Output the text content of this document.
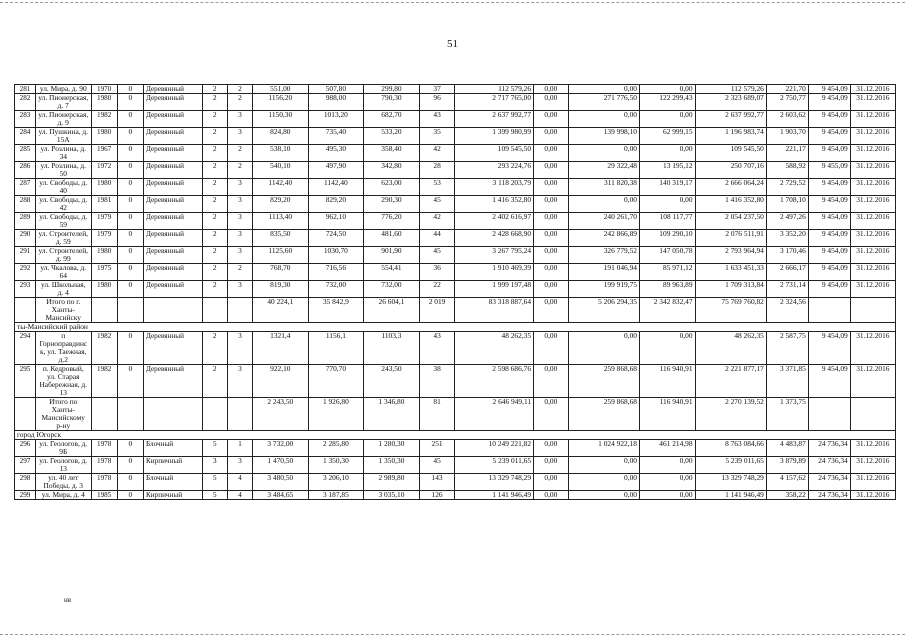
51
281	ул. Мира, д. 90	1970	0	Деревянный	2	2	551,00	507,80	299,80	37	112 579,26	0,00	0,00	0,00	112 579,26	221,70	9 454,09	31.12.2016
282	ул. Пионерская, д. 7	1980	0	Деревянный	2	2	1156,20	988,00	790,30	96	2 717 765,00	0,00	271 776,50	122 299,43	2 323 689,07	2 750,77	9 454,09	31.12.2016
283	ул. Пионерская, д. 9	1982	0	Деревянный	2	3	1150,30	1013,20	682,70	43	2 637 992,77	0,00	0,00	0,00	2 637 992,77	2 603,62	9 454,09	31.12.2016
284	ул. Пушкина, д. 15А	1980	0	Деревянный	2	3	824,80	735,40	533,20	35	1 399 980,99	0,00	139 998,10	62 999,15	1 196 983,74	1 903,70	9 454,09	31.12.2016
285	ул. Розлина, д. 34	1967	0	Деревянный	2	2	538,10	495,30	358,40	42	109 545,50	0,00	0,00	0,00	109 545,50	221,17	9 454,09	31.12.2016
286	ул. Розлина, д. 50	1972	0	Деревянный	2	2	540,10	497,90	342,80	28	293 224,76	0,00	29 322,48	13 195,12	250 707,16	588,92	9 455,09	31.12.2016
287	ул. Свободы, д. 40	1980	0	Деревянный	2	3	1142,40	1142,40	623,00	53	3 118 203,79	0,00	311 820,38	140 319,17	2 666 064,24	2 729,52	9 454,09	31.12.2016
288	ул. Свободы, д. 42	1981	0	Деревянный	2	3	829,20	829,20	290,30	45	1 416 352,80	0,00	0,00	0,00	1 416 352,80	1 708,10	9 454,09	31.12.2016
289	ул. Свободы, д. 59	1979	0	Деревянный	2	3	1113,40	962,10	776,20	42	2 402 616,97	0,00	240 261,70	108 117,77	2 054 237,50	2 497,26	9 454,09	31.12.2016
290	ул. Строителей, д. 59	1979	0	Деревянный	2	3	835,50	724,50	481,60	44	2 428 668,90	0,00	242 866,89	109 290,10	2 076 511,91	3 352,20	9 454,09	31.12.2016
291	ул. Строителей, д. 99	1980	0	Деревянный	2	3	1125,60	1030,70	901,90	45	3 267 795,24	0,00	326 779,52	147 050,78	2 793 964,94	3 170,46	9 454,09	31.12.2016
292	ул. Чкалова, д. 64	1975	0	Деревянный	2	2	768,70	716,56	554,41	36	1 910 469,39	0,00	191 046,94	85 971,12	1 633 451,33	2 666,17	9 454,09	31.12.2016
293	ул. Школьная, д. 4	1980	0	Деревянный	2	3	819,30	732,00	732,00	22	1 999 197,48	0,00	199 919,75	89 963,89	1 709 313,84	2 731,14	9 454,09	31.12.2016
	Итого по г. Ханты-Мансийску						40 224,1	35 842,9	26 604,1	2 019	83 318 887,64	0,00	5 206 294,35	2 342 832,47	75 769 760,82	2 324,56		
ты-Мансийский район																		
294	п Горноправдинс к, ул. Таежная, д.2	1982	0	Деревянный	2	3	1321,4	1156,1	1103,3	43	48 262,35	0,00	0,00	0,00	48 262,35	2 587,75	9 454,09	31.12.2016
295	п. Кедровый, ул. Старая Набережная, д. 13	1982	0	Деревянный	2	3	922,10	770,70	243,50	38	2 598 686,76	0,00	259 868,68	116 940,91	2 221 877,17	3 371,85	9 454,09	31.12.2016
	Итого по Ханты-Мансийскому р-ну						2 243,50	1 926,80	1 346,80	81	2 646 949,11	0,00	259 868,68	116 940,91	2 270 139,52	1 373,75		
город Югорск																		
296	ул. Геологов, д. 9Б	1978	0	Блочный	5	1	3 732,00	2 285,80	1 280,30	251	10 249 221,82	0,00	1 024 922,18	461 214,98	8 763 084,66	4 483,87	24 736,34	31.12.2016
297	ул. Геологов, д. 13	1978	0	Кирпичный	3	3	1 470,50	1 350,30	1 350,30	45	5 239 011,65	0,00	0,00	0,00	5 239 011,65	3 879,89	24 736,34	31.12.2016
298	ул. 40 лет Победы, д. 3	1978	0	Блочный	5	4	3 480,50	3 206,10	2 989,80	143	13 329 748,29	0,00	0,00	0,00	13 329 748,29	4 157,62	24 736,34	31.12.2016
299	ул. Мира, д. 4	1985	0	Кирпичный	5	4	3 484,65	3 187,85	3 035,10	126	1 141 946,49	0,00	0,00	0,00	1 141 946,49	358,22	24 736,34	31.12.2016
нв
